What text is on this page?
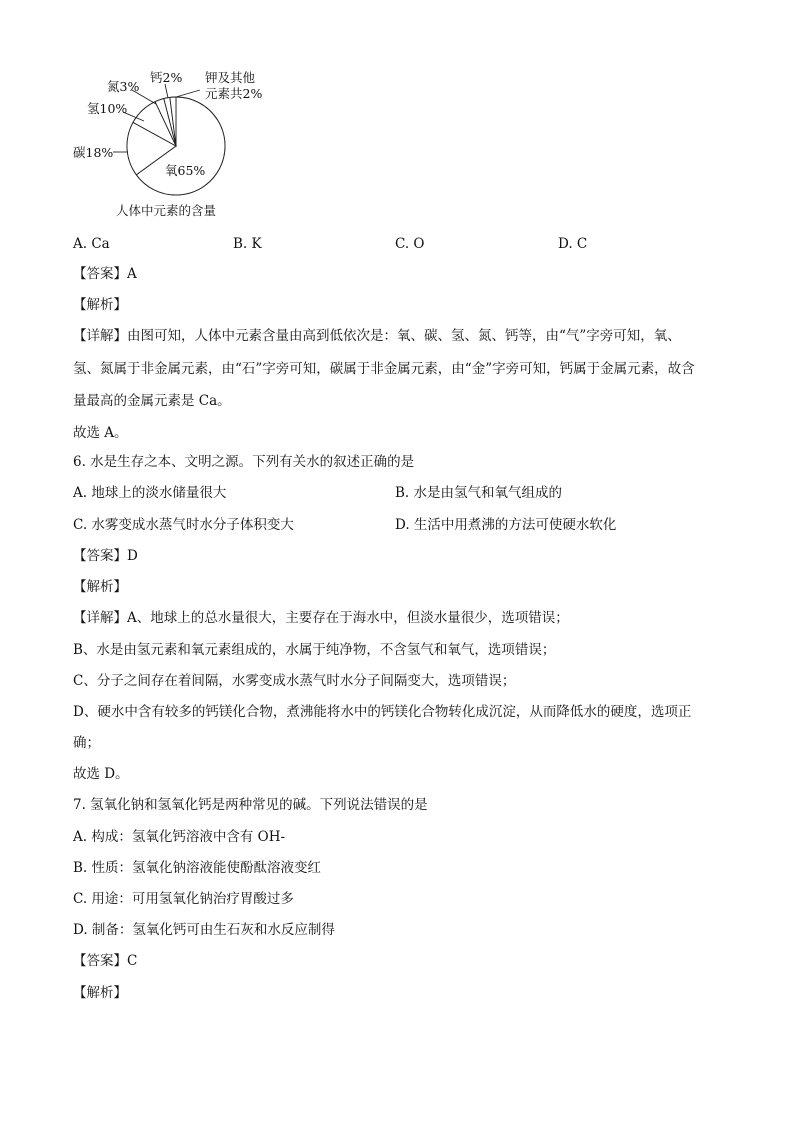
氮3%
钙2% 钾及其他
元素共2%
氢10%
碳18%
氧65%
人体中元素的含量
A. Ca	B. K	C. O	D. C
【答案】A
【解析】
【详解】由图可知，人体中元素含量由高到低依次是：氧、碳、氢、氮、钙等，由“气”字旁可知，氧、
氢、氮属于非金属元素，由“石”字旁可知，碳属于非金属元素，由“金”字旁可知，钙属于金属元素，故含
量最高的金属元素是 Ca。
故选 A。
6. 水是生存之本、文明之源。下列有关水的叙述正确的是
A. 地球上的淡水储量很大	B. 水是由氢气和氧气组成的
C. 水雾变成水蒸气时水分子体积变大	D. 生活中用煮沸的方法可使硬水软化
【答案】D
【解析】
【详解】A、地球上的总水量很大，主要存在于海水中，但淡水量很少，选项错误；
B、水是由氢元素和氧元素组成的，水属于纯净物，不含氢气和氧气，选项错误；
C、分子之间存在着间隔，水雾变成水蒸气时水分子间隔变大，选项错误；
D、硬水中含有较多的钙镁化合物，煮沸能将水中的钙镁化合物转化成沉淀，从而降低水的硬度，选项正
确；
故选 D。
7. 氢氧化钠和氢氧化钙是两种常见的碱。下列说法错误的是
A. 构成：氢氧化钙溶液中含有 OH-
B. 性质：氢氧化钠溶液能使酚酞溶液变红
C. 用途：可用氢氧化钠治疗胃酸过多
D. 制备：氢氧化钙可由生石灰和水反应制得
【答案】C
【解析】
